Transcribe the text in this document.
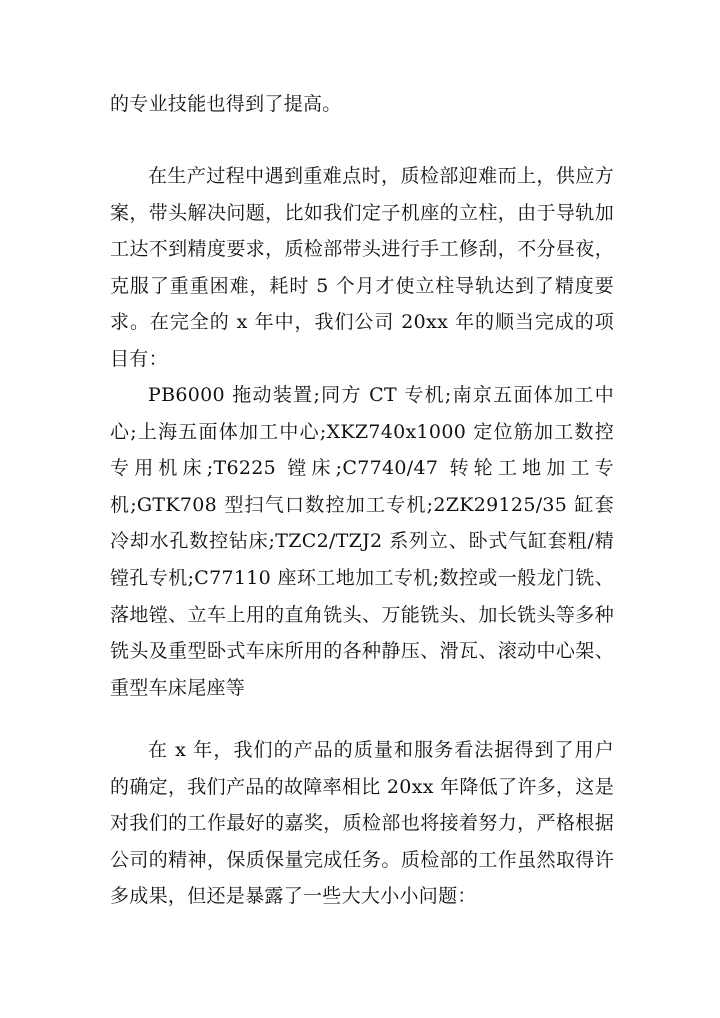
的专业技能也得到了提高。

在生产过程中遇到重难点时，质检部迎难而上，供应方案，带头解决问题，比如我们定子机座的立柱，由于导轨加工达不到精度要求，质检部带头进行手工修刮，不分昼夜，克服了重重困难，耗时 5 个月才使立柱导轨达到了精度要求。在完全的 x 年中，我们公司 20xx 年的顺当完成的项目有：

PB6000 拖动装置;同方 CT 专机;南京五面体加工中心;上海五面体加工中心;XKZ740x1000 定位筋加工数控专用机床;T6225 镗床;C7740/47 转轮工地加工专机;GTK708 型扫气口数控加工专机;2ZK29125/35 缸套冷却水孔数控钻床;TZC2/TZJ2 系列立、卧式气缸套粗/精镗孔专机;C77110 座环工地加工专机;数控或一般龙门铣、落地镗、立车上用的直角铣头、万能铣头、加长铣头等多种铣头及重型卧式车床所用的各种静压、滑瓦、滚动中心架、重型车床尾座等

在 x 年，我们的产品的质量和服务看法据得到了用户的确定，我们产品的故障率相比 20xx 年降低了许多，这是对我们的工作最好的嘉奖，质检部也将接着努力，严格根据公司的精神，保质保量完成任务。质检部的工作虽然取得许多成果，但还是暴露了一些大大小小问题：
